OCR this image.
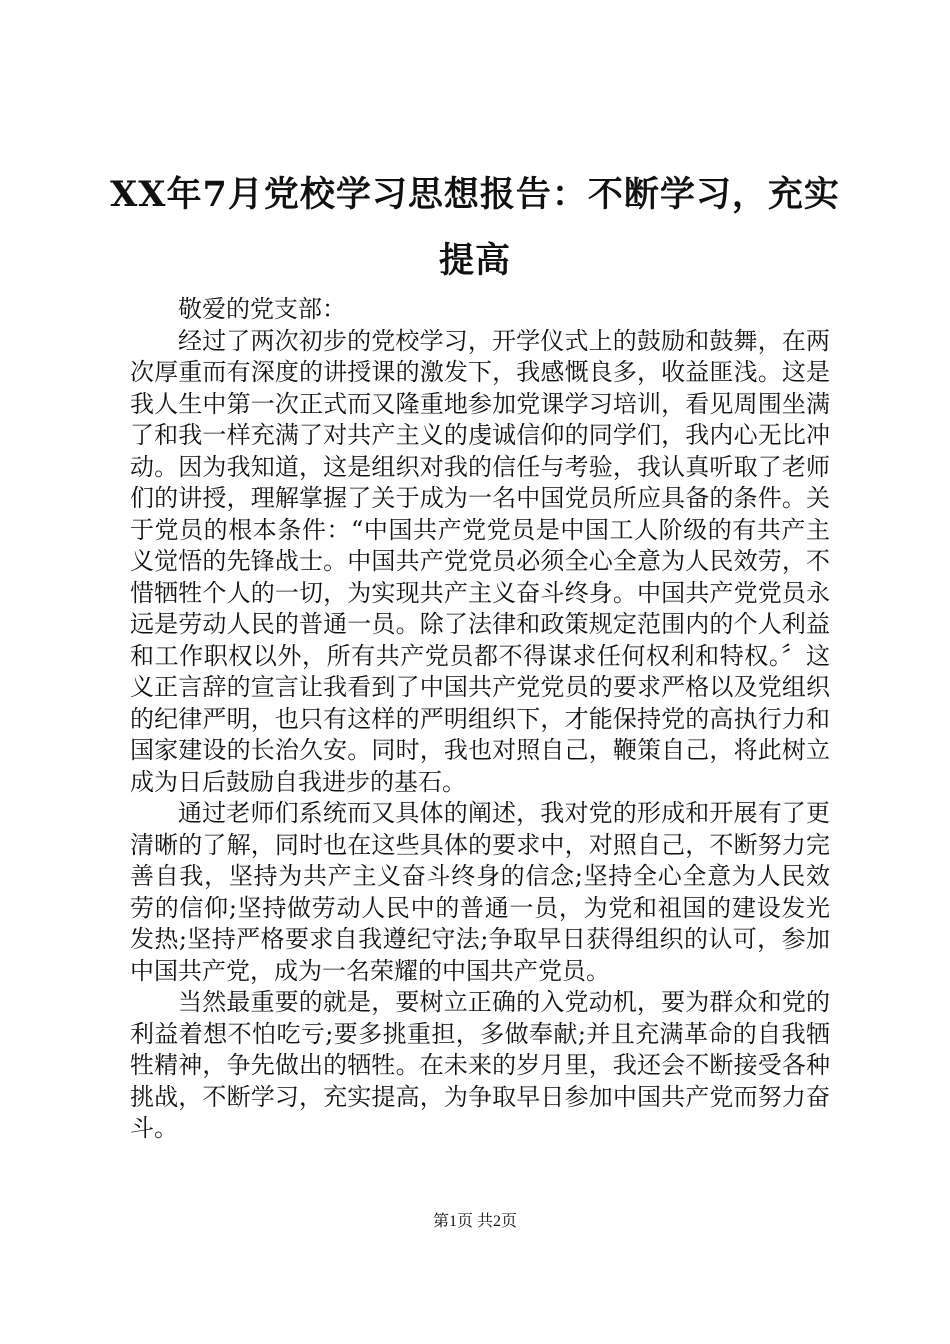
XX年7月党校学习思想报告：不断学习，充实提高

敬爱的党支部：

经过了两次初步的党校学习，开学仪式上的鼓励和鼓舞，在两次厚重而有深度的讲授课的激发下，我感慨良多，收益匪浅。这是我人生中第一次正式而又隆重地参加党课学习培训，看见周围坐满了和我一样充满了对共产主义的虔诚信仰的同学们，我内心无比冲动。因为我知道，这是组织对我的信任与考验，我认真听取了老师们的讲授，理解掌握了关于成为一名中国党员所应具备的条件。关于党员的根本条件：“中国共产党党员是中国工人阶级的有共产主义觉悟的先锋战士。中国共产党党员必须全心全意为人民效劳，不惜牺牲个人的一切，为实现共产主义奋斗终身。中国共产党党员永远是劳动人民的普通一员。除了法律和政策规定范围内的个人利益和工作职权以外，所有共产党员都不得谋求任何权利和特权。〞这义正言辞的宣言让我看到了中国共产党党员的要求严格以及党组织的纪律严明，也只有这样的严明组织下，才能保持党的高执行力和国家建设的长治久安。同时，我也对照自己，鞭策自己，将此树立成为日后鼓励自我进步的基石。

通过老师们系统而又具体的阐述，我对党的形成和开展有了更清晰的了解，同时也在这些具体的要求中，对照自己，不断努力完善自我，坚持为共产主义奋斗终身的信念;坚持全心全意为人民效劳的信仰;坚持做劳动人民中的普通一员，为党和祖国的建设发光发热;坚持严格要求自我遵纪守法;争取早日获得组织的认可，参加中国共产党，成为一名荣耀的中国共产党员。

当然最重要的就是，要树立正确的入党动机，要为群众和党的利益着想不怕吃亏;要多挑重担，多做奉献;并且充满革命的自我牺牲精神，争先做出的牺牲。在未来的岁月里，我还会不断接受各种挑战，不断学习，充实提高，为争取早日参加中国共产党而努力奋斗。

第1页 共2页
